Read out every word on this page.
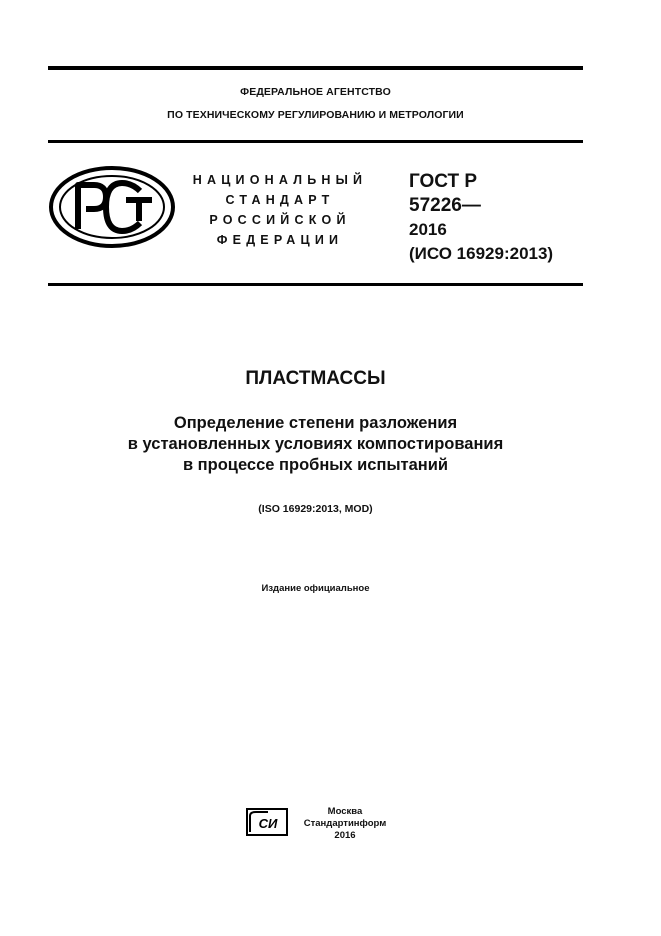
ФЕДЕРАЛЬНОЕ АГЕНТСТВО
ПО ТЕХНИЧЕСКОМУ РЕГУЛИРОВАНИЮ И МЕТРОЛОГИИ
НАЦИОНАЛЬНЫЙ
СТАНДАРТ
РОССИЙСКОЙ
ФЕДЕРАЦИИ
ГОСТ Р
57226—
2016
(ИСО 16929:2013)
ПЛАСТМАССЫ
Определение степени разложения
в установленных условиях компостирования
в процессе пробных испытаний
(ISO 16929:2013, MOD)
Издание официальное
СИ
Москва
Стандартинформ
2016
